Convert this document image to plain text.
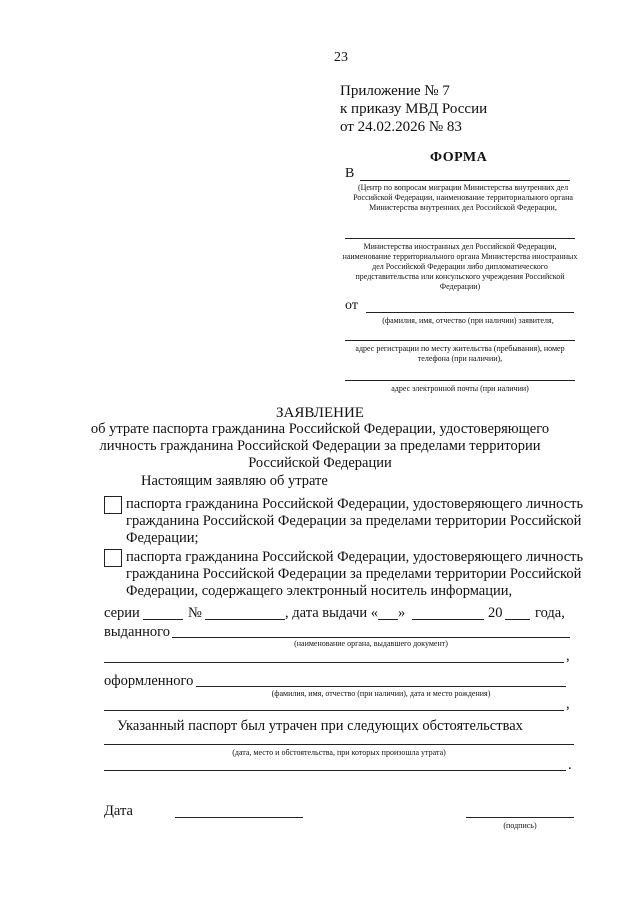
23
Приложение № 7
к приказу МВД России
от 24.02.2026 № 83
ФОРМА
В
(Центр по вопросам миграции Министерства внутренних дел Российской Федерации, наименование территориального органа Министерства внутренних дел Российской Федерации,
Министерства иностранных дел Российской Федерации, наименование территориального органа Министерства иностранных дел Российской Федерации либо дипломатического представительства или консульского учреждения Российской Федерации)
от
(фамилия, имя, отчество (при наличии) заявителя,
адрес регистрации по месту жительства (пребывания), номер телефона (при наличии),
адрес электронной почты (при наличии)
ЗАЯВЛЕНИЕ
об утрате паспорта гражданина Российской Федерации, удостоверяющего личность гражданина Российской Федерации за пределами территории Российской Федерации
Настоящим заявляю об утрате
паспорта гражданина Российской Федерации, удостоверяющего личность
гражданина Российской Федерации за пределами территории Российской
Федерации;
паспорта гражданина Российской Федерации, удостоверяющего личность
гражданина Российской Федерации за пределами территории Российской
Федерации, содержащего электронный носитель информации,
серии	№	, дата выдачи « »	20 года,
выданного
(наименование органа, выдавшего документ)
,
оформленного
(фамилия, имя, отчество (при наличии), дата и место рождения)
,
Указанный паспорт был утрачен при следующих обстоятельствах
(дата, место и обстоятельства, при которых произошла утрата)
.
Дата
(подпись)
